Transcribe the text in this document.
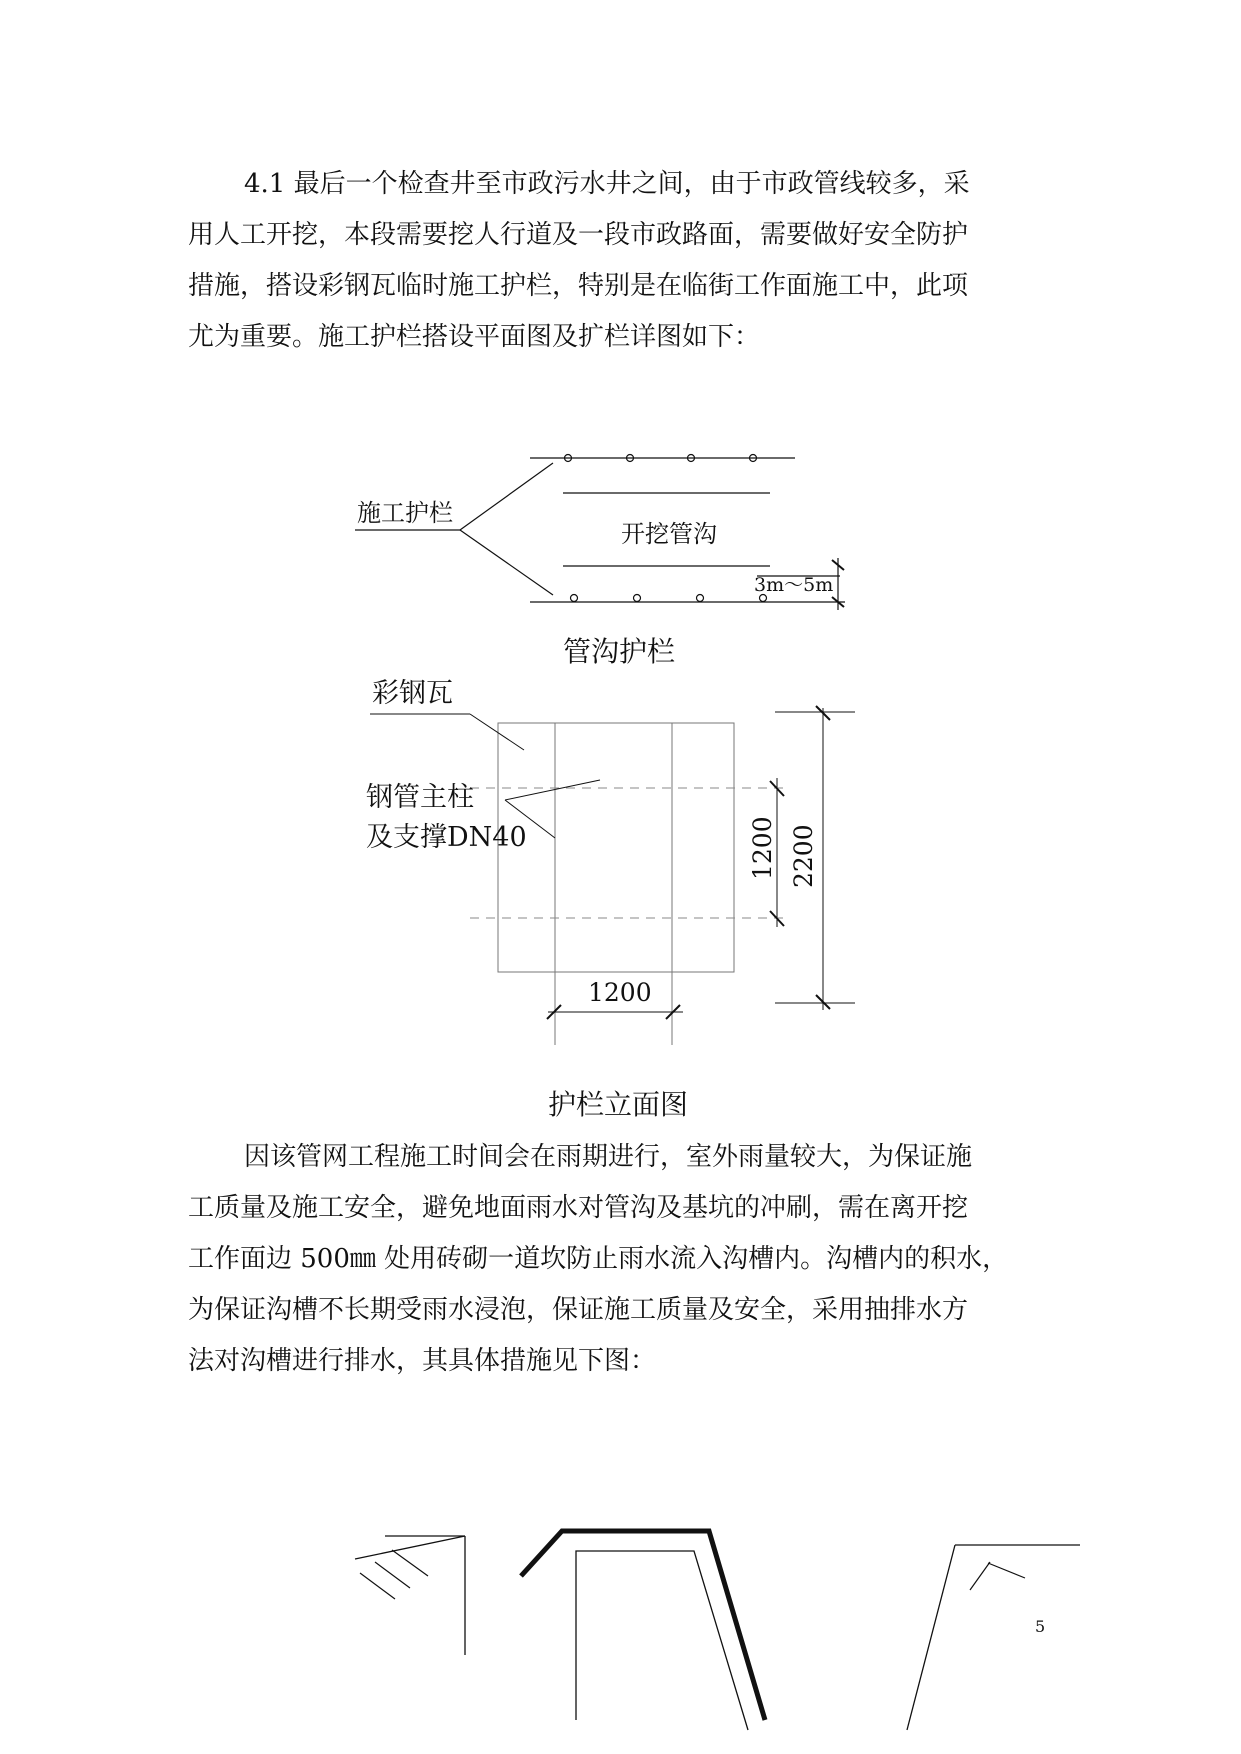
4.1 最后一个检查井至市政污水井之间，由于市政管线较多，采
用人工开挖，本段需要挖人行道及一段市政路面，需要做好安全防护
措施，搭设彩钢瓦临时施工护栏，特别是在临街工作面施工中，此项
尤为重要。施工护栏搭设平面图及扩栏详图如下：
施工护栏
开挖管沟
3m～5m
管沟护栏
彩钢瓦
钢管主柱
及支撑DN40
1200
1200 2200
护栏立面图
因该管网工程施工时间会在雨期进行，室外雨量较大，为保证施
工质量及施工安全，避免地面雨水对管沟及基坑的冲刷，需在离开挖
工作面边 500㎜ 处用砖砌一道坎防止雨水流入沟槽内。沟槽内的积水，
为保证沟槽不长期受雨水浸泡，保证施工质量及安全，采用抽排水方
法对沟槽进行排水，其具体措施见下图：
5
